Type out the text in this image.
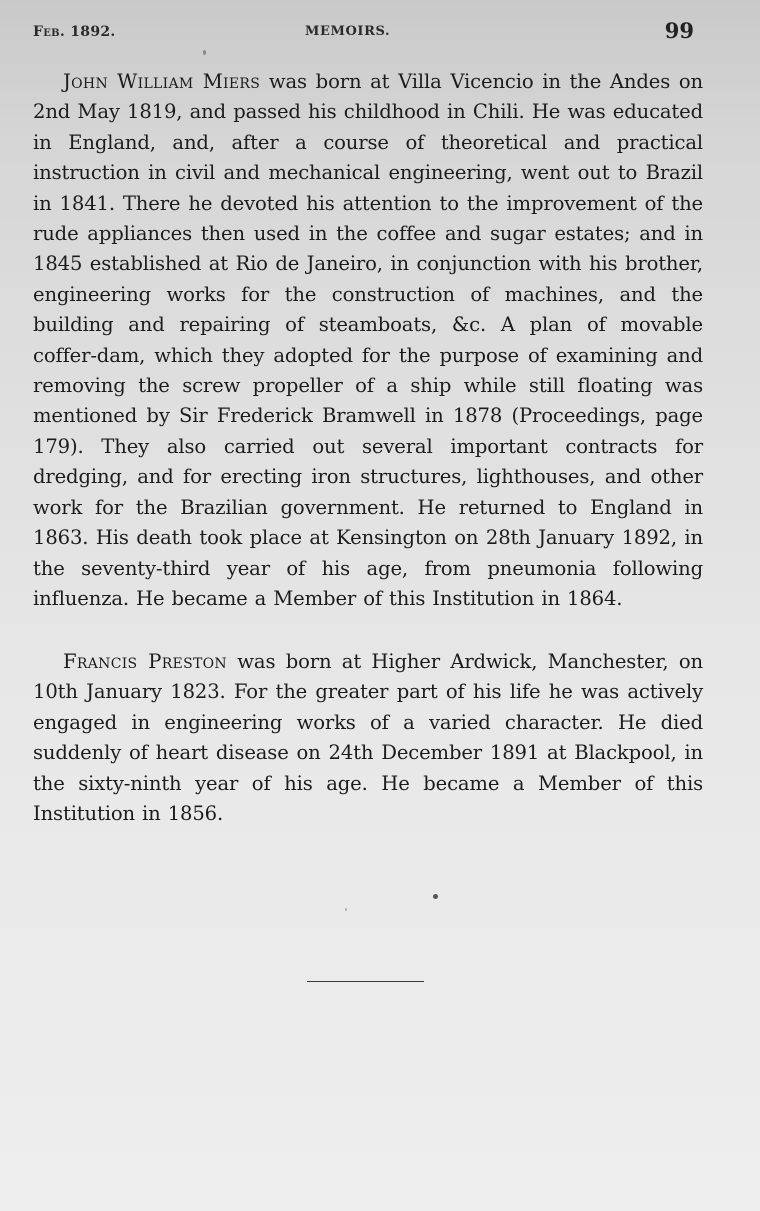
Feb. 1892.	MEMOIRS.	99

John William Miers was born at Villa Vicencio in the Andes on 2nd May 1819, and passed his childhood in Chili. He was educated in England, and, after a course of theoretical and practical instruction in civil and mechanical engineering, went out to Brazil in 1841. There he devoted his attention to the improvement of the rude appliances then used in the coffee and sugar estates; and in 1845 established at Rio de Janeiro, in conjunction with his brother, engineering works for the construction of machines, and the building and repairing of steamboats, &c. A plan of movable coffer-dam, which they adopted for the purpose of examining and removing the screw propeller of a ship while still floating was mentioned by Sir Frederick Bramwell in 1878 (Proceedings, page 179). They also carried out several important contracts for dredging, and for erecting iron structures, lighthouses, and other work for the Brazilian government. He returned to England in 1863. His death took place at Kensington on 28th January 1892, in the seventy-third year of his age, from pneumonia following influenza. He became a Member of this Institution in 1864.

Francis Preston was born at Higher Ardwick, Manchester, on 10th January 1823. For the greater part of his life he was actively engaged in engineering works of a varied character. He died suddenly of heart disease on 24th December 1891 at Blackpool, in the sixty-ninth year of his age. He became a Member of this Institution in 1856.
